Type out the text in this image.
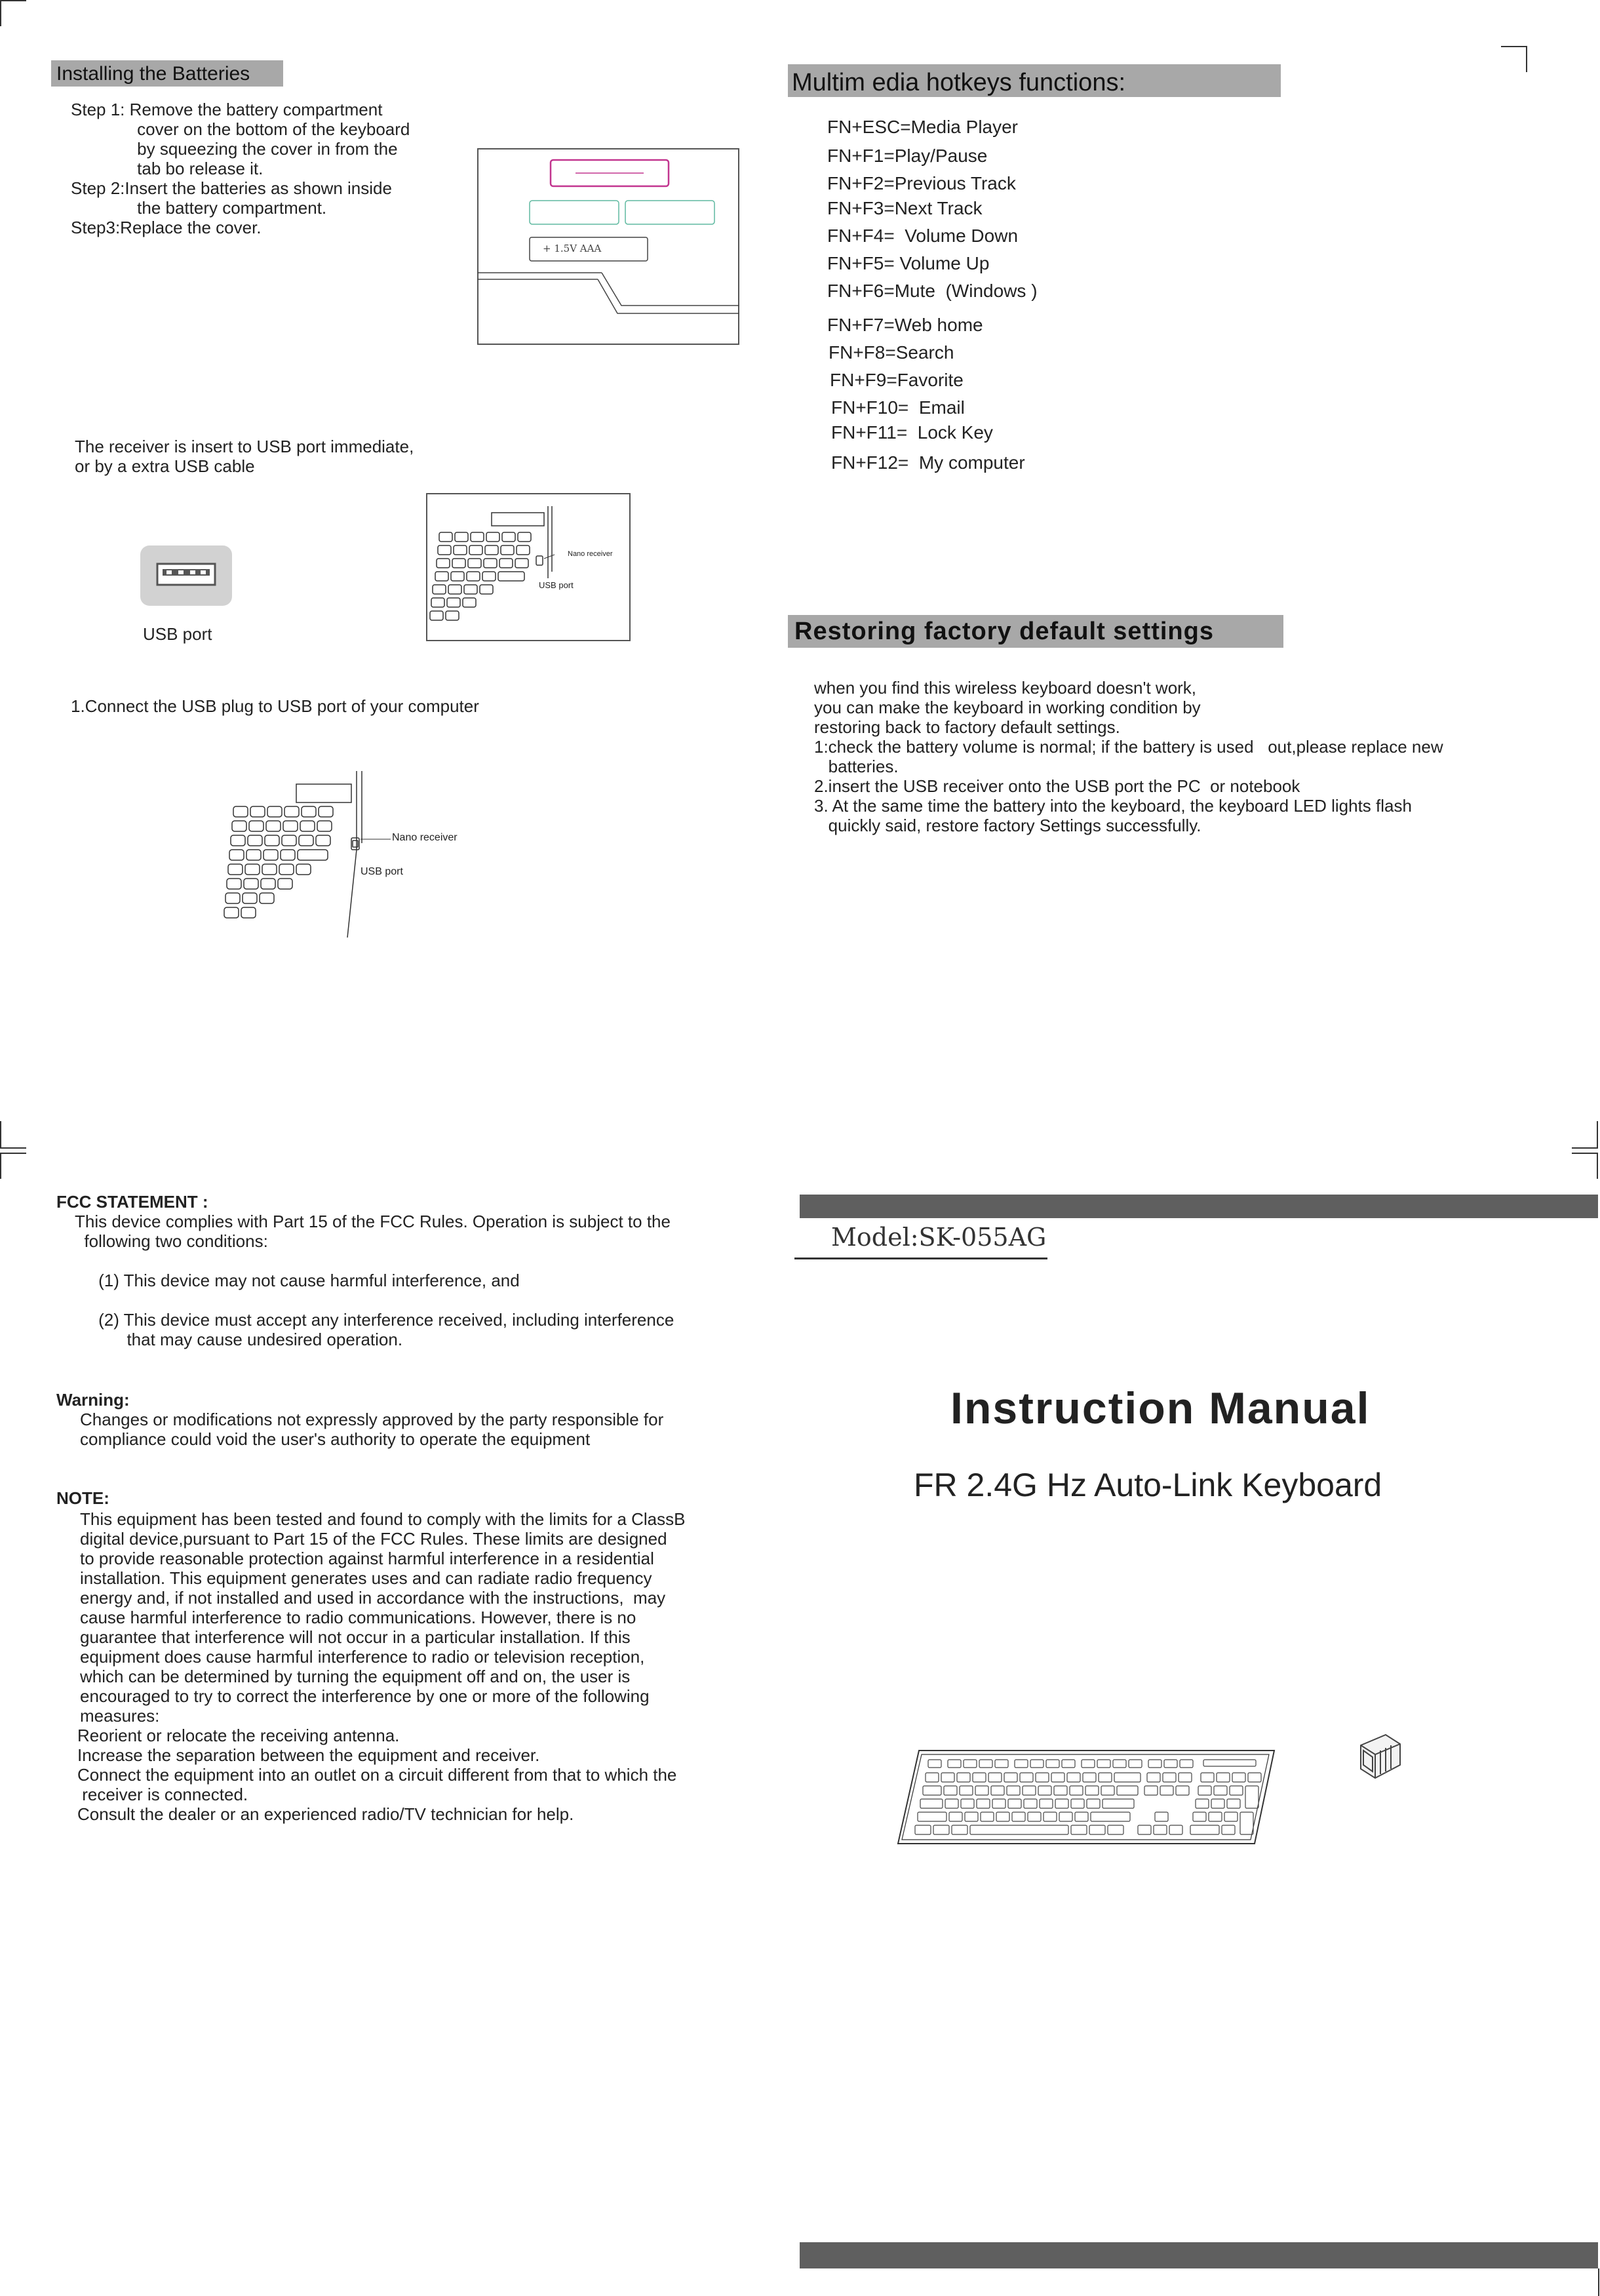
Installing the Batteries
Step 1: Remove the battery compartment
cover on the bottom of the keyboard
by squeezing the cover in from the
tab bo release it.
Step 2:Insert the batteries as shown inside
the battery compartment.
Step3:Replace the cover.
+ 1.5V AAA
The receiver is insert to USB port immediate,
or by a extra USB cable
USB port
Nano receiver
USB port
1.Connect the USB plug to USB port of your computer
Nano receiver
USB port
Multim edia hotkeys functions:
FN+ESC=Media Player
FN+F1=Play/Pause
FN+F2=Previous Track
FN+F3=Next Track
FN+F4=  Volume Down
FN+F5= Volume Up
FN+F6=Mute  (Windows )
FN+F7=Web home
FN+F8=Search
FN+F9=Favorite
FN+F10=  Email
FN+F11=  Lock Key
FN+F12=  My computer
Restoring factory default settings
when you find this wireless keyboard doesn't work,
you can make the keyboard in working condition by
restoring back to factory default settings.
1:check the battery volume is normal; if the battery is used   out,please replace new
batteries.
2.insert the USB receiver onto the USB port the PC  or notebook
3. At the same time the battery into the keyboard, the keyboard LED lights flash
quickly said, restore factory Settings successfully.
FCC STATEMENT :
This device complies with Part 15 of the FCC Rules. Operation is subject to the
following two conditions:
(1) This device may not cause harmful interference, and
(2) This device must accept any interference received, including interference
that may cause undesired operation.
Warning:
Changes or modifications not expressly approved by the party responsible for
compliance could void the user's authority to operate the equipment
NOTE:
This equipment has been tested and found to comply with the limits for a ClassB
digital device,pursuant to Part 15 of the FCC Rules. These limits are designed
to provide reasonable protection against harmful interference in a residential
installation. This equipment generates uses and can radiate radio frequency
energy and, if not installed and used in accordance with the instructions,  may
cause harmful interference to radio communications. However, there is no
guarantee that interference will not occur in a particular installation. If this
equipment does cause harmful interference to radio or television reception,
which can be determined by turning the equipment off and on, the user is
encouraged to try to correct the interference by one or more of the following
measures:
Reorient or relocate the receiving antenna.
Increase the separation between the equipment and receiver.
Connect the equipment into an outlet on a circuit different from that to which the
receiver is connected.
Consult the dealer or an experienced radio/TV technician for help.
Model:SK-055AG
Instruction Manual
FR 2.4G Hz Auto-Link Keyboard
